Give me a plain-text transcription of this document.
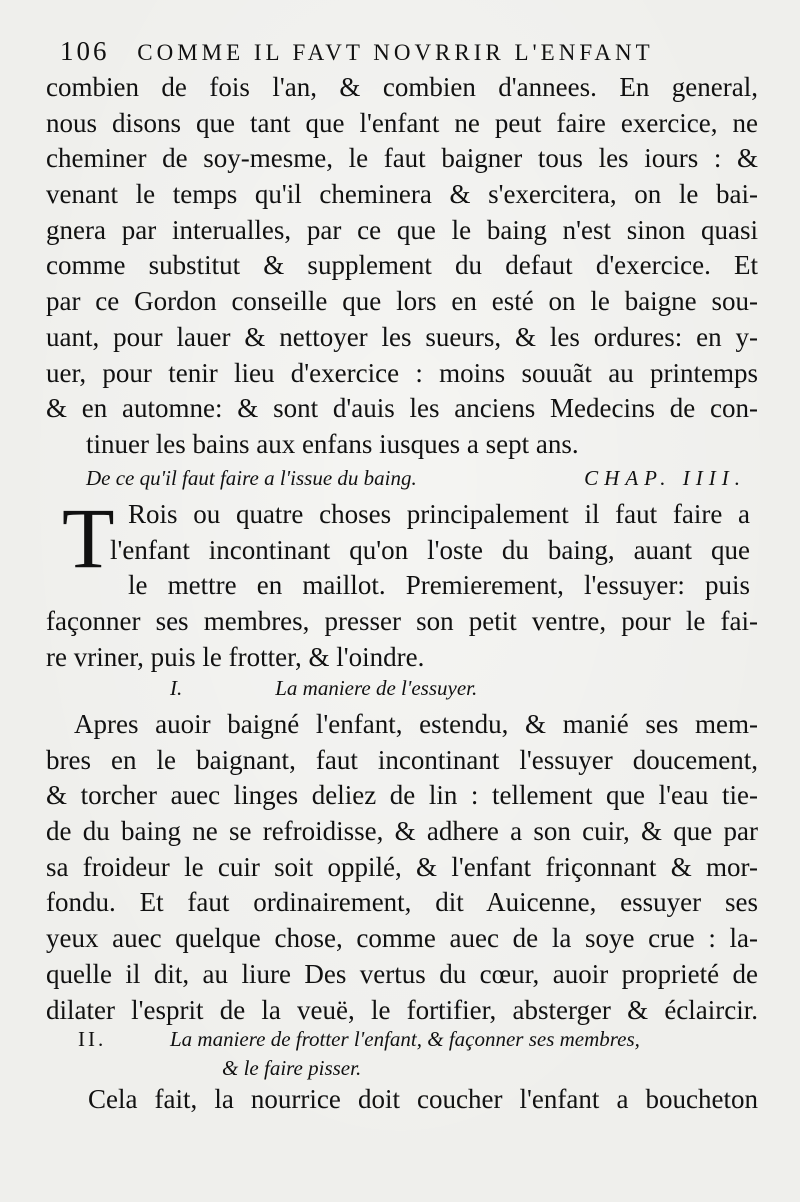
106 COMME IL FAVT NOVRRIR L'ENFANT
combien de fois l'an, & combien d'annees. En general,
nous disons que tant que l'enfant ne peut faire exercice, ne
cheminer de soy-mesme, le faut baigner tous les iours : &
venant le temps qu'il cheminera & s'exercitera, on le bai-
gnera par interualles, par ce que le baing n'est sinon quasi
comme substitut & supplement du defaut d'exercice. Et
par ce Gordon conseille que lors en esté on le baigne sou-
uant, pour lauer & nettoyer les sueurs, & les ordures: en y-
uer, pour tenir lieu d'exercice : moins souuãt au printemps
& en automne: & sont d'auis les anciens Medecins de con-
tinuer les bains aux enfans iusques a sept ans.
De ce qu'il faut faire a l'issue du baing.	CHAP. IIII.
T Rois ou quatre choses principalement il faut faire a
l'enfant incontinant qu'on l'oste du baing, auant que
le mettre en maillot. Premierement, l'essuyer: puis
façonner ses membres, presser son petit ventre, pour le fai-
re vriner, puis le frotter, & l'oindre.
I.	La maniere de l'essuyer.
Apres auoir baigné l'enfant, estendu, & manié ses mem-
bres en le baignant, faut incontinant l'essuyer doucement,
& torcher auec linges deliez de lin : tellement que l'eau tie-
de du baing ne se refroidisse, & adhere a son cuir, & que par
sa froideur le cuir soit oppilé, & l'enfant friçonnant & mor-
fondu. Et faut ordinairement, dit Auicenne, essuyer ses
yeux auec quelque chose, comme auec de la soye crue : la-
quelle il dit, au liure Des vertus du cœur, auoir proprieté de
dilater l'esprit de la veuë, le fortifier, absterger & éclaircir.
II.	La maniere de frotter l'enfant, & façonner ses membres,
& le faire pisser.
Cela fait, la nourrice doit coucher l'enfant a boucheton
